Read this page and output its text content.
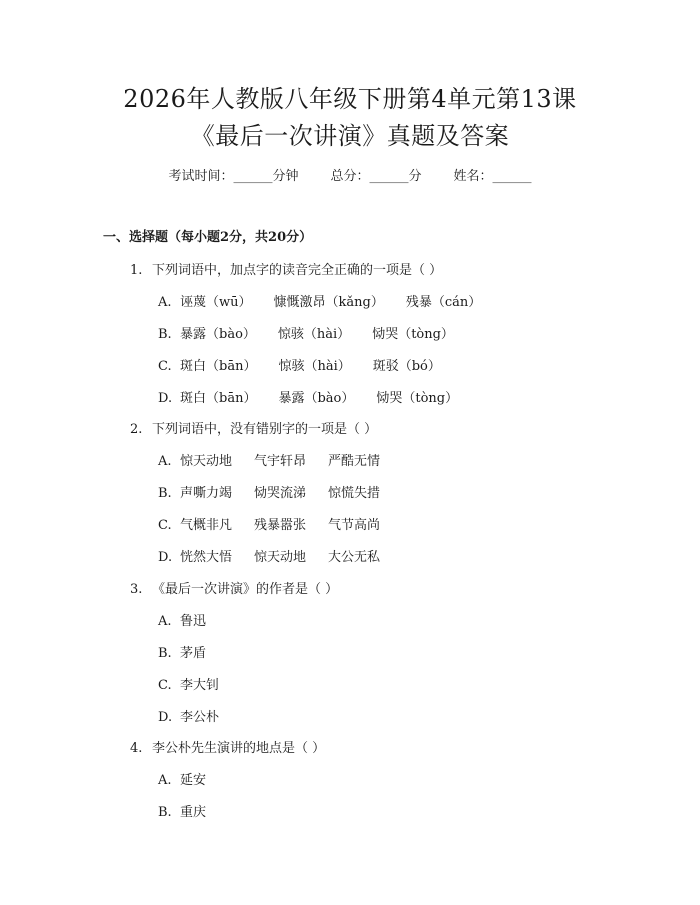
2026年人教版八年级下册第4单元第13课
《最后一次讲演》真题及答案
考试时间：______分钟 总分：______分 姓名：______
一、选择题（每小题2分，共20分）
1. 下列词语中，加点字的读音完全正确的一项是（ ）
A. 诬蔑（wū） 慷慨激昂（kǎng） 残暴（cán）
B. 暴露（bào） 惊骇（hài） 恸哭（tòng）
C. 斑白（bān） 惊骇（hài） 斑驳（bó）
D. 斑白（bān） 暴露（bào） 恸哭（tòng）
2. 下列词语中，没有错别字的一项是（ ）
A. 惊天动地 气宇轩昂 严酷无情
B. 声嘶力竭 恸哭流涕 惊慌失措
C. 气概非凡 残暴嚣张 气节高尚
D. 恍然大悟 惊天动地 大公无私
3. 《最后一次讲演》的作者是（ ）
A. 鲁迅
B. 茅盾
C. 李大钊
D. 李公朴
4. 李公朴先生演讲的地点是（ ）
A. 延安
B. 重庆
